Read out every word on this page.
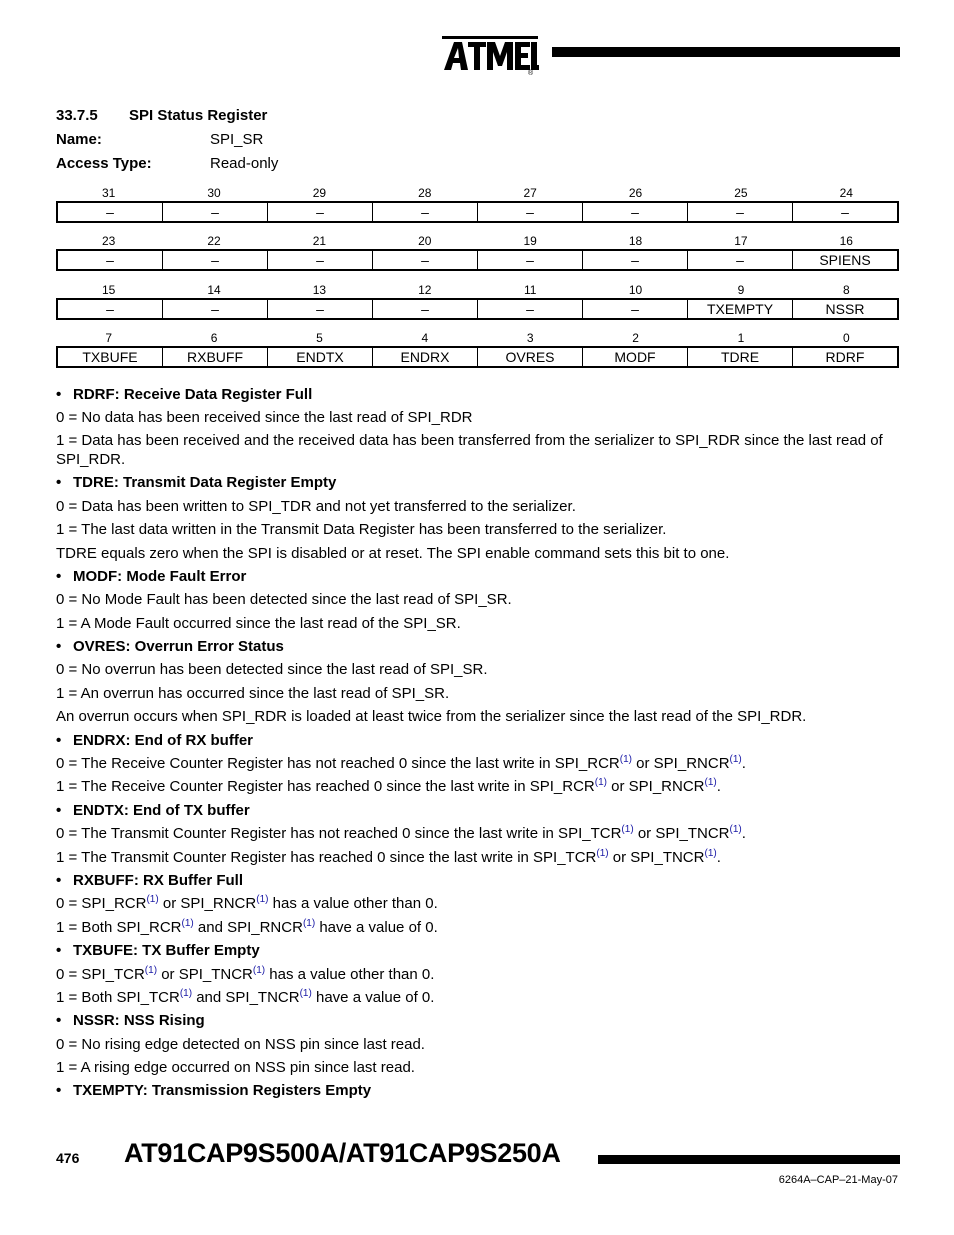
®
33.7.5 SPI Status Register
Name:	SPI_SR
Access Type:	Read-only
31	30	29	28	27	26	25	24
–	–	–	–	–	–	–	–
23	22	21	20	19	18	17	16
–	–	–	–	–	–	–	SPIENS
15	14	13	12	11	10	9	8
–	–	–	–	–	–	TXEMPTY	NSSR
7	6	5	4	3	2	1	0
TXBUFE	RXBUFF	ENDTX	ENDRX	OVRES	MODF	TDRE	RDRF
• RDRF: Receive Data Register Full
0 = No data has been received since the last read of SPI_RDR
1 = Data has been received and the received data has been transferred from the serializer to SPI_RDR since the last read of SPI_RDR.
• TDRE: Transmit Data Register Empty
0 = Data has been written to SPI_TDR and not yet transferred to the serializer.
1 = The last data written in the Transmit Data Register has been transferred to the serializer.
TDRE equals zero when the SPI is disabled or at reset. The SPI enable command sets this bit to one.
• MODF: Mode Fault Error
0 = No Mode Fault has been detected since the last read of SPI_SR.
1 = A Mode Fault occurred since the last read of the SPI_SR.
• OVRES: Overrun Error Status
0 = No overrun has been detected since the last read of SPI_SR.
1 = An overrun has occurred since the last read of SPI_SR.
An overrun occurs when SPI_RDR is loaded at least twice from the serializer since the last read of the SPI_RDR.
• ENDRX: End of RX buffer
0 = The Receive Counter Register has not reached 0 since the last write in SPI_RCR$^{(1)}$ or SPI_RNCR$^{(1)}$.
1 = The Receive Counter Register has reached 0 since the last write in SPI_RCR$^{(1)}$ or SPI_RNCR$^{(1)}$.
• ENDTX: End of TX buffer
0 = The Transmit Counter Register has not reached 0 since the last write in SPI_TCR$^{(1)}$ or SPI_TNCR$^{(1)}$.
1 = The Transmit Counter Register has reached 0 since the last write in SPI_TCR$^{(1)}$ or SPI_TNCR$^{(1)}$.
• RXBUFF: RX Buffer Full
$0 = SPI\_RCR^{(1)}$ or SPI_RNCR$^{(1)}$ has a value other than 0.
1 = Both SPI_RCR$^{(1)}$ and SPI_RNCR$^{(1)}$ have a value of 0.
• TXBUFE: TX Buffer Empty
$0 = SPI\_TCR^{(1)}$ or SPI_TNCR$^{(1)}$ has a value other than 0.
1 = Both SPI_TCR$^{(1)}$ and SPI_TNCR$^{(1)}$ have a value of 0.
• NSSR: NSS Rising
0 = No rising edge detected on NSS pin since last read.
1 = A rising edge occurred on NSS pin since last read.
• TXEMPTY: Transmission Registers Empty
476 AT91CAP9S500A/AT91CAP9S250A
6264A–CAP–21-May-07
